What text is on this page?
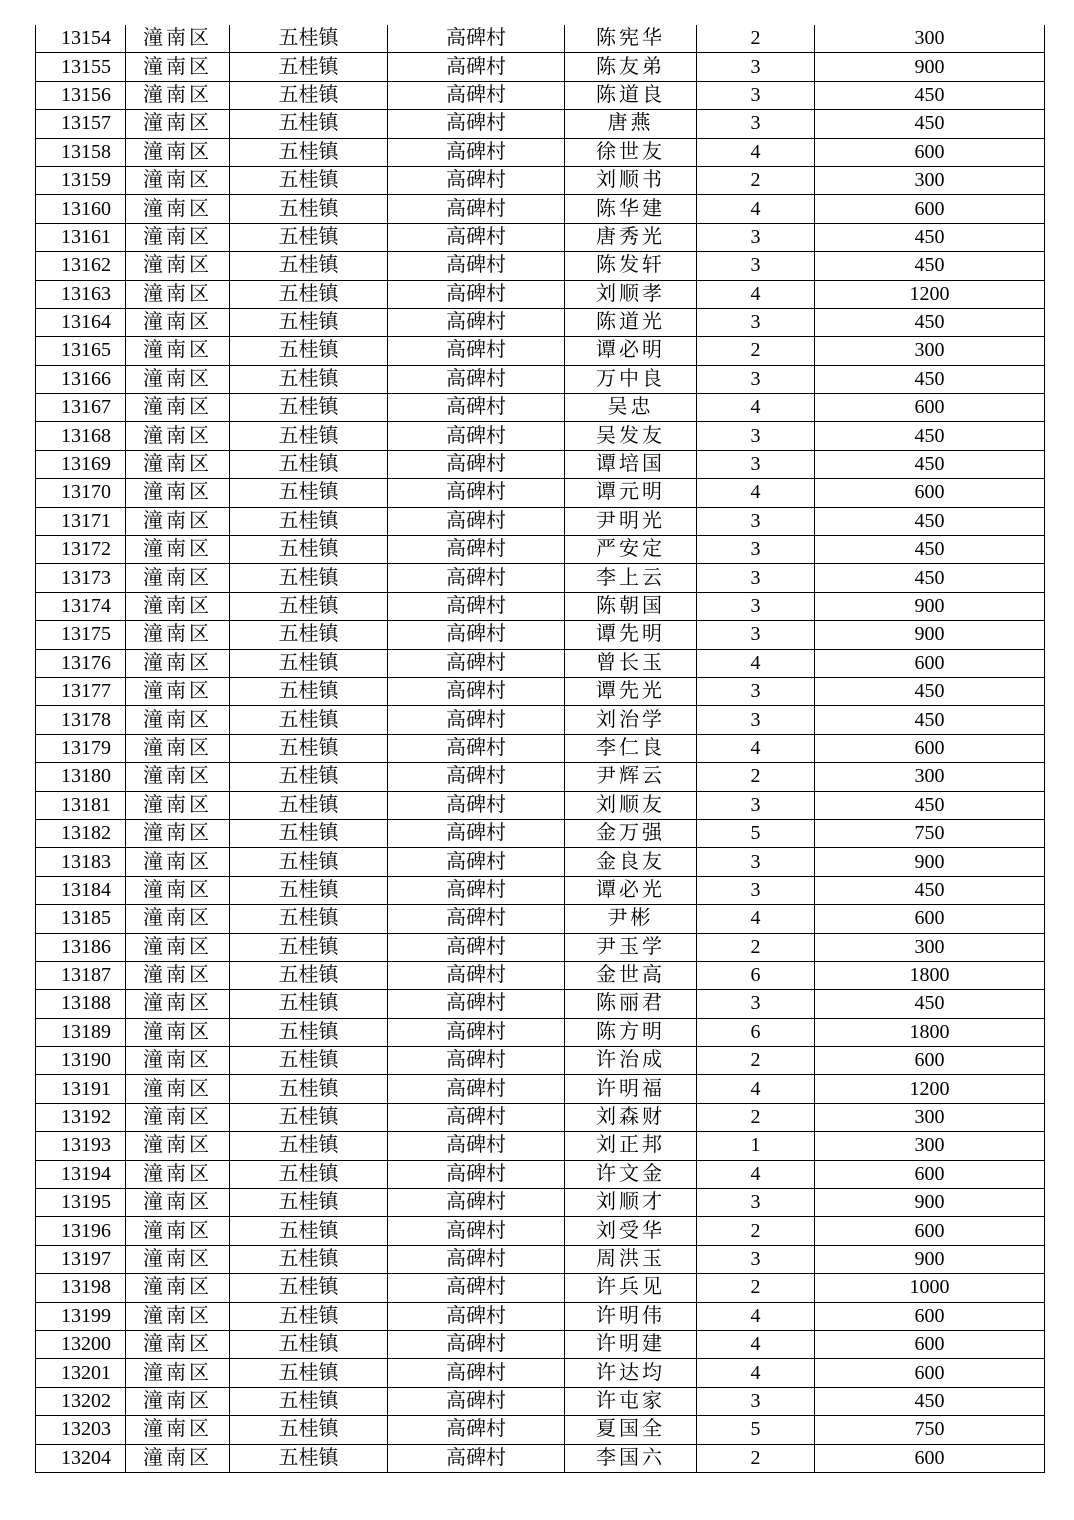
13154	潼南区	五桂镇	高碑村	陈宪华	2	300
13155	潼南区	五桂镇	高碑村	陈友弟	3	900
13156	潼南区	五桂镇	高碑村	陈道良	3	450
13157	潼南区	五桂镇	高碑村	唐燕	3	450
13158	潼南区	五桂镇	高碑村	徐世友	4	600
13159	潼南区	五桂镇	高碑村	刘顺书	2	300
13160	潼南区	五桂镇	高碑村	陈华建	4	600
13161	潼南区	五桂镇	高碑村	唐秀光	3	450
13162	潼南区	五桂镇	高碑村	陈发轩	3	450
13163	潼南区	五桂镇	高碑村	刘顺孝	4	1200
13164	潼南区	五桂镇	高碑村	陈道光	3	450
13165	潼南区	五桂镇	高碑村	谭必明	2	300
13166	潼南区	五桂镇	高碑村	万中良	3	450
13167	潼南区	五桂镇	高碑村	吴忠	4	600
13168	潼南区	五桂镇	高碑村	吴发友	3	450
13169	潼南区	五桂镇	高碑村	谭培国	3	450
13170	潼南区	五桂镇	高碑村	谭元明	4	600
13171	潼南区	五桂镇	高碑村	尹明光	3	450
13172	潼南区	五桂镇	高碑村	严安定	3	450
13173	潼南区	五桂镇	高碑村	李上云	3	450
13174	潼南区	五桂镇	高碑村	陈朝国	3	900
13175	潼南区	五桂镇	高碑村	谭先明	3	900
13176	潼南区	五桂镇	高碑村	曾长玉	4	600
13177	潼南区	五桂镇	高碑村	谭先光	3	450
13178	潼南区	五桂镇	高碑村	刘治学	3	450
13179	潼南区	五桂镇	高碑村	李仁良	4	600
13180	潼南区	五桂镇	高碑村	尹辉云	2	300
13181	潼南区	五桂镇	高碑村	刘顺友	3	450
13182	潼南区	五桂镇	高碑村	金万强	5	750
13183	潼南区	五桂镇	高碑村	金良友	3	900
13184	潼南区	五桂镇	高碑村	谭必光	3	450
13185	潼南区	五桂镇	高碑村	尹彬	4	600
13186	潼南区	五桂镇	高碑村	尹玉学	2	300
13187	潼南区	五桂镇	高碑村	金世高	6	1800
13188	潼南区	五桂镇	高碑村	陈丽君	3	450
13189	潼南区	五桂镇	高碑村	陈方明	6	1800
13190	潼南区	五桂镇	高碑村	许治成	2	600
13191	潼南区	五桂镇	高碑村	许明福	4	1200
13192	潼南区	五桂镇	高碑村	刘森财	2	300
13193	潼南区	五桂镇	高碑村	刘正邦	1	300
13194	潼南区	五桂镇	高碑村	许文金	4	600
13195	潼南区	五桂镇	高碑村	刘顺才	3	900
13196	潼南区	五桂镇	高碑村	刘受华	2	600
13197	潼南区	五桂镇	高碑村	周洪玉	3	900
13198	潼南区	五桂镇	高碑村	许兵见	2	1000
13199	潼南区	五桂镇	高碑村	许明伟	4	600
13200	潼南区	五桂镇	高碑村	许明建	4	600
13201	潼南区	五桂镇	高碑村	许达均	4	600
13202	潼南区	五桂镇	高碑村	许屯家	3	450
13203	潼南区	五桂镇	高碑村	夏国全	5	750
13204	潼南区	五桂镇	高碑村	李国六	2	600
